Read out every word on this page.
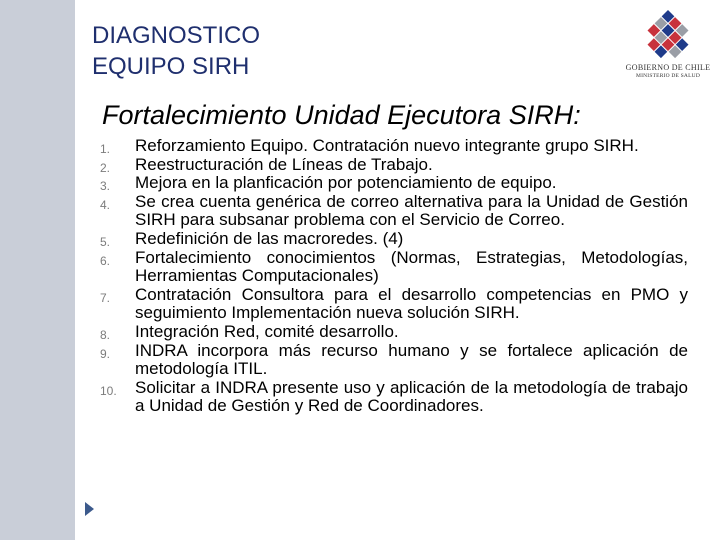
DIAGNOSTICO
EQUIPO SIRH	GOBIERNO DE CHILE
MINISTERIO DE SALUD
Fortalecimiento Unidad Ejecutora SIRH:
1.	Reforzamiento Equipo. Contratación nuevo integrante grupo SIRH.
2.	Reestructuración de Líneas de Trabajo.
3.	Mejora en la planficación por potenciamiento de equipo.
4.	Se crea cuenta genérica de correo alternativa para la Unidad de Gestión SIRH para subsanar problema con el Servicio de Correo.
5.	Redefinición de las macroredes. (4)
6.	Fortalecimiento conocimientos (Normas, Estrategias, Metodologías, Herramientas Computacionales)
7.	Contratación Consultora para el desarrollo competencias en PMO y seguimiento Implementación nueva solución SIRH.
8.	Integración Red, comité desarrollo.
9.	INDRA incorpora más recurso humano y se fortalece aplicación de metodología ITIL.
10.	Solicitar a INDRA presente uso y aplicación de la metodología de trabajo a Unidad de Gestión y Red de Coordinadores.
